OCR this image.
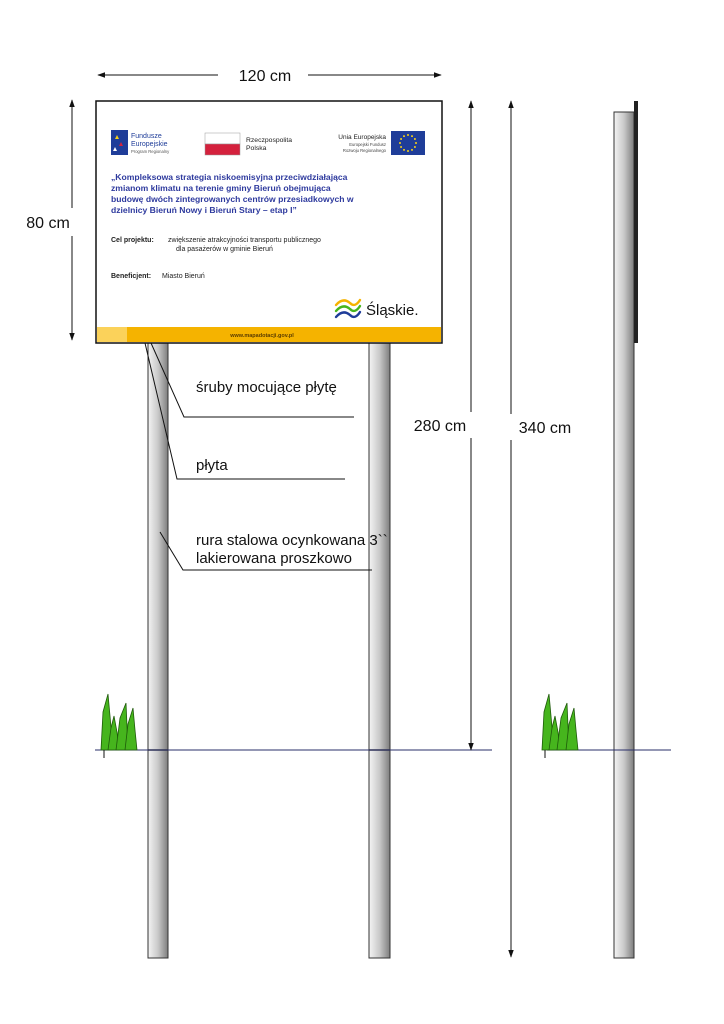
120 cm
80 cm
Fundusze
Europejskie
Program Regionalny
Rzeczpospolita
Polska
Unia Europejska
Europejski Fundusz
Rozwoju Regionalnego
„Kompleksowa strategia niskoemisyjna przeciwdziałająca
zmianom klimatu na terenie gminy Bieruń obejmująca
budowę dwóch zintegrowanych centrów przesiadkowych w
dzielnicy Bieruń Nowy i Bieruń Stary – etap I”
Cel projektu: zwiększenie atrakcyjności transportu publicznego
dla pasażerów w gminie Bieruń
Beneficjent: Miasto Bieruń
Śląskie.
www.mapadotacji.gov.pl
śruby mocujące płytę
płyta
rura stalowa ocynkowana 3``
lakierowana proszkowo
280 cm	340 cm
